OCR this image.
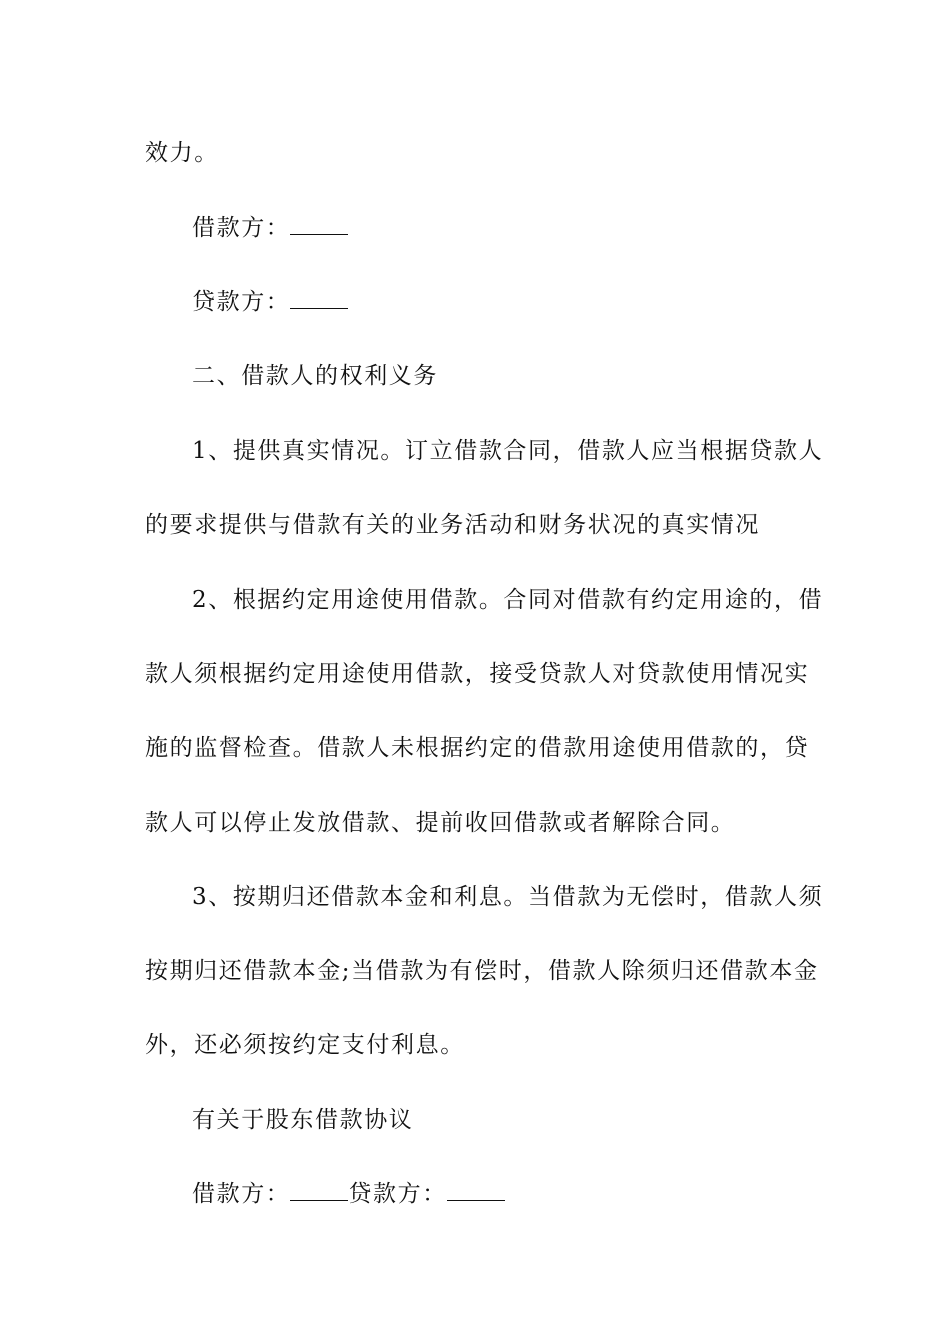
效力。
借款方：
贷款方：
二、借款人的权利义务
1、提供真实情况。订立借款合同，借款人应当根据贷款人
的要求提供与借款有关的业务活动和财务状况的真实情况
2、根据约定用途使用借款。合同对借款有约定用途的，借
款人须根据约定用途使用借款，接受贷款人对贷款使用情况实
施的监督检查。借款人未根据约定的借款用途使用借款的，贷
款人可以停止发放借款、提前收回借款或者解除合同。
3、按期归还借款本金和利息。当借款为无偿时，借款人须
按期归还借款本金;当借款为有偿时，借款人除须归还借款本金
外，还必须按约定支付利息。
有关于股东借款协议
借款方：	贷款方：
